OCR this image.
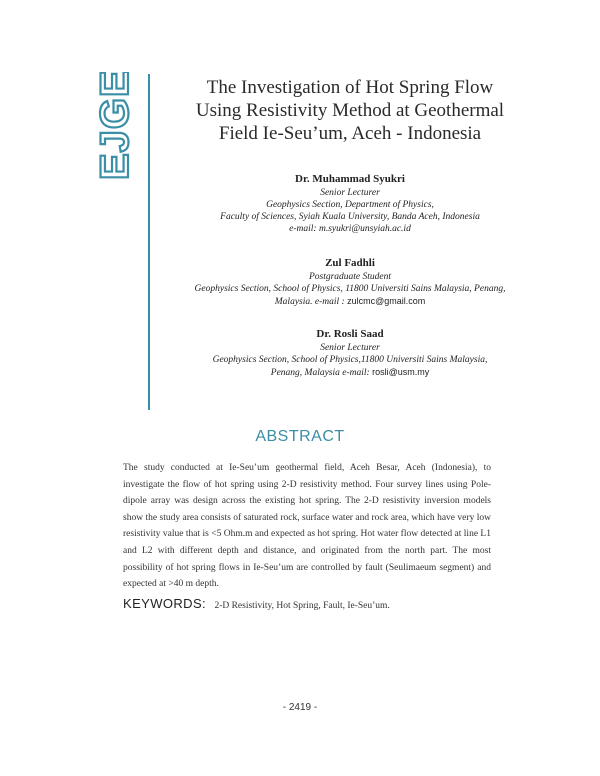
EJGE	The Investigation of Hot Spring Flow
Using Resistivity Method at Geothermal
Field Ie-Seu’um, Aceh - Indonesia
Dr. Muhammad Syukri
Senior Lecturer
Geophysics Section, Department of Physics,
Faculty of Sciences, Syiah Kuala University, Banda Aceh, Indonesia
e-mail: m.syukri@unsyiah.ac.id
Zul Fadhli
Postgraduate Student
Geophysics Section, School of Physics, 11800 Universiti Sains Malaysia, Penang,
Malaysia. e-mail : zulcmc@gmail.com
Dr. Rosli Saad
Senior Lecturer
Geophysics Section, School of Physics,11800 Universiti Sains Malaysia,
Penang, Malaysia e-mail: rosli@usm.my
ABSTRACT
The study conducted at Ie-Seu’um geothermal field, Aceh Besar, Aceh (Indonesia), to investigate the flow of hot spring using 2-D resistivity method. Four survey lines using Pole-dipole array was design across the existing hot spring. The 2-D resistivity inversion models show the study area consists of saturated rock, surface water and rock area, which have very low resistivity value that is <5 Ohm.m and expected as hot spring. Hot water flow detected at line L1 and L2 with different depth and distance, and originated from the north part. The most possibility of hot spring flows in Ie-Seu’um are controlled by fault (Seulimaeum segment) and expected at >40 m depth.
KEYWORDS: 2-D Resistivity, Hot Spring, Fault, Ie-Seu’um.
- 2419 -
